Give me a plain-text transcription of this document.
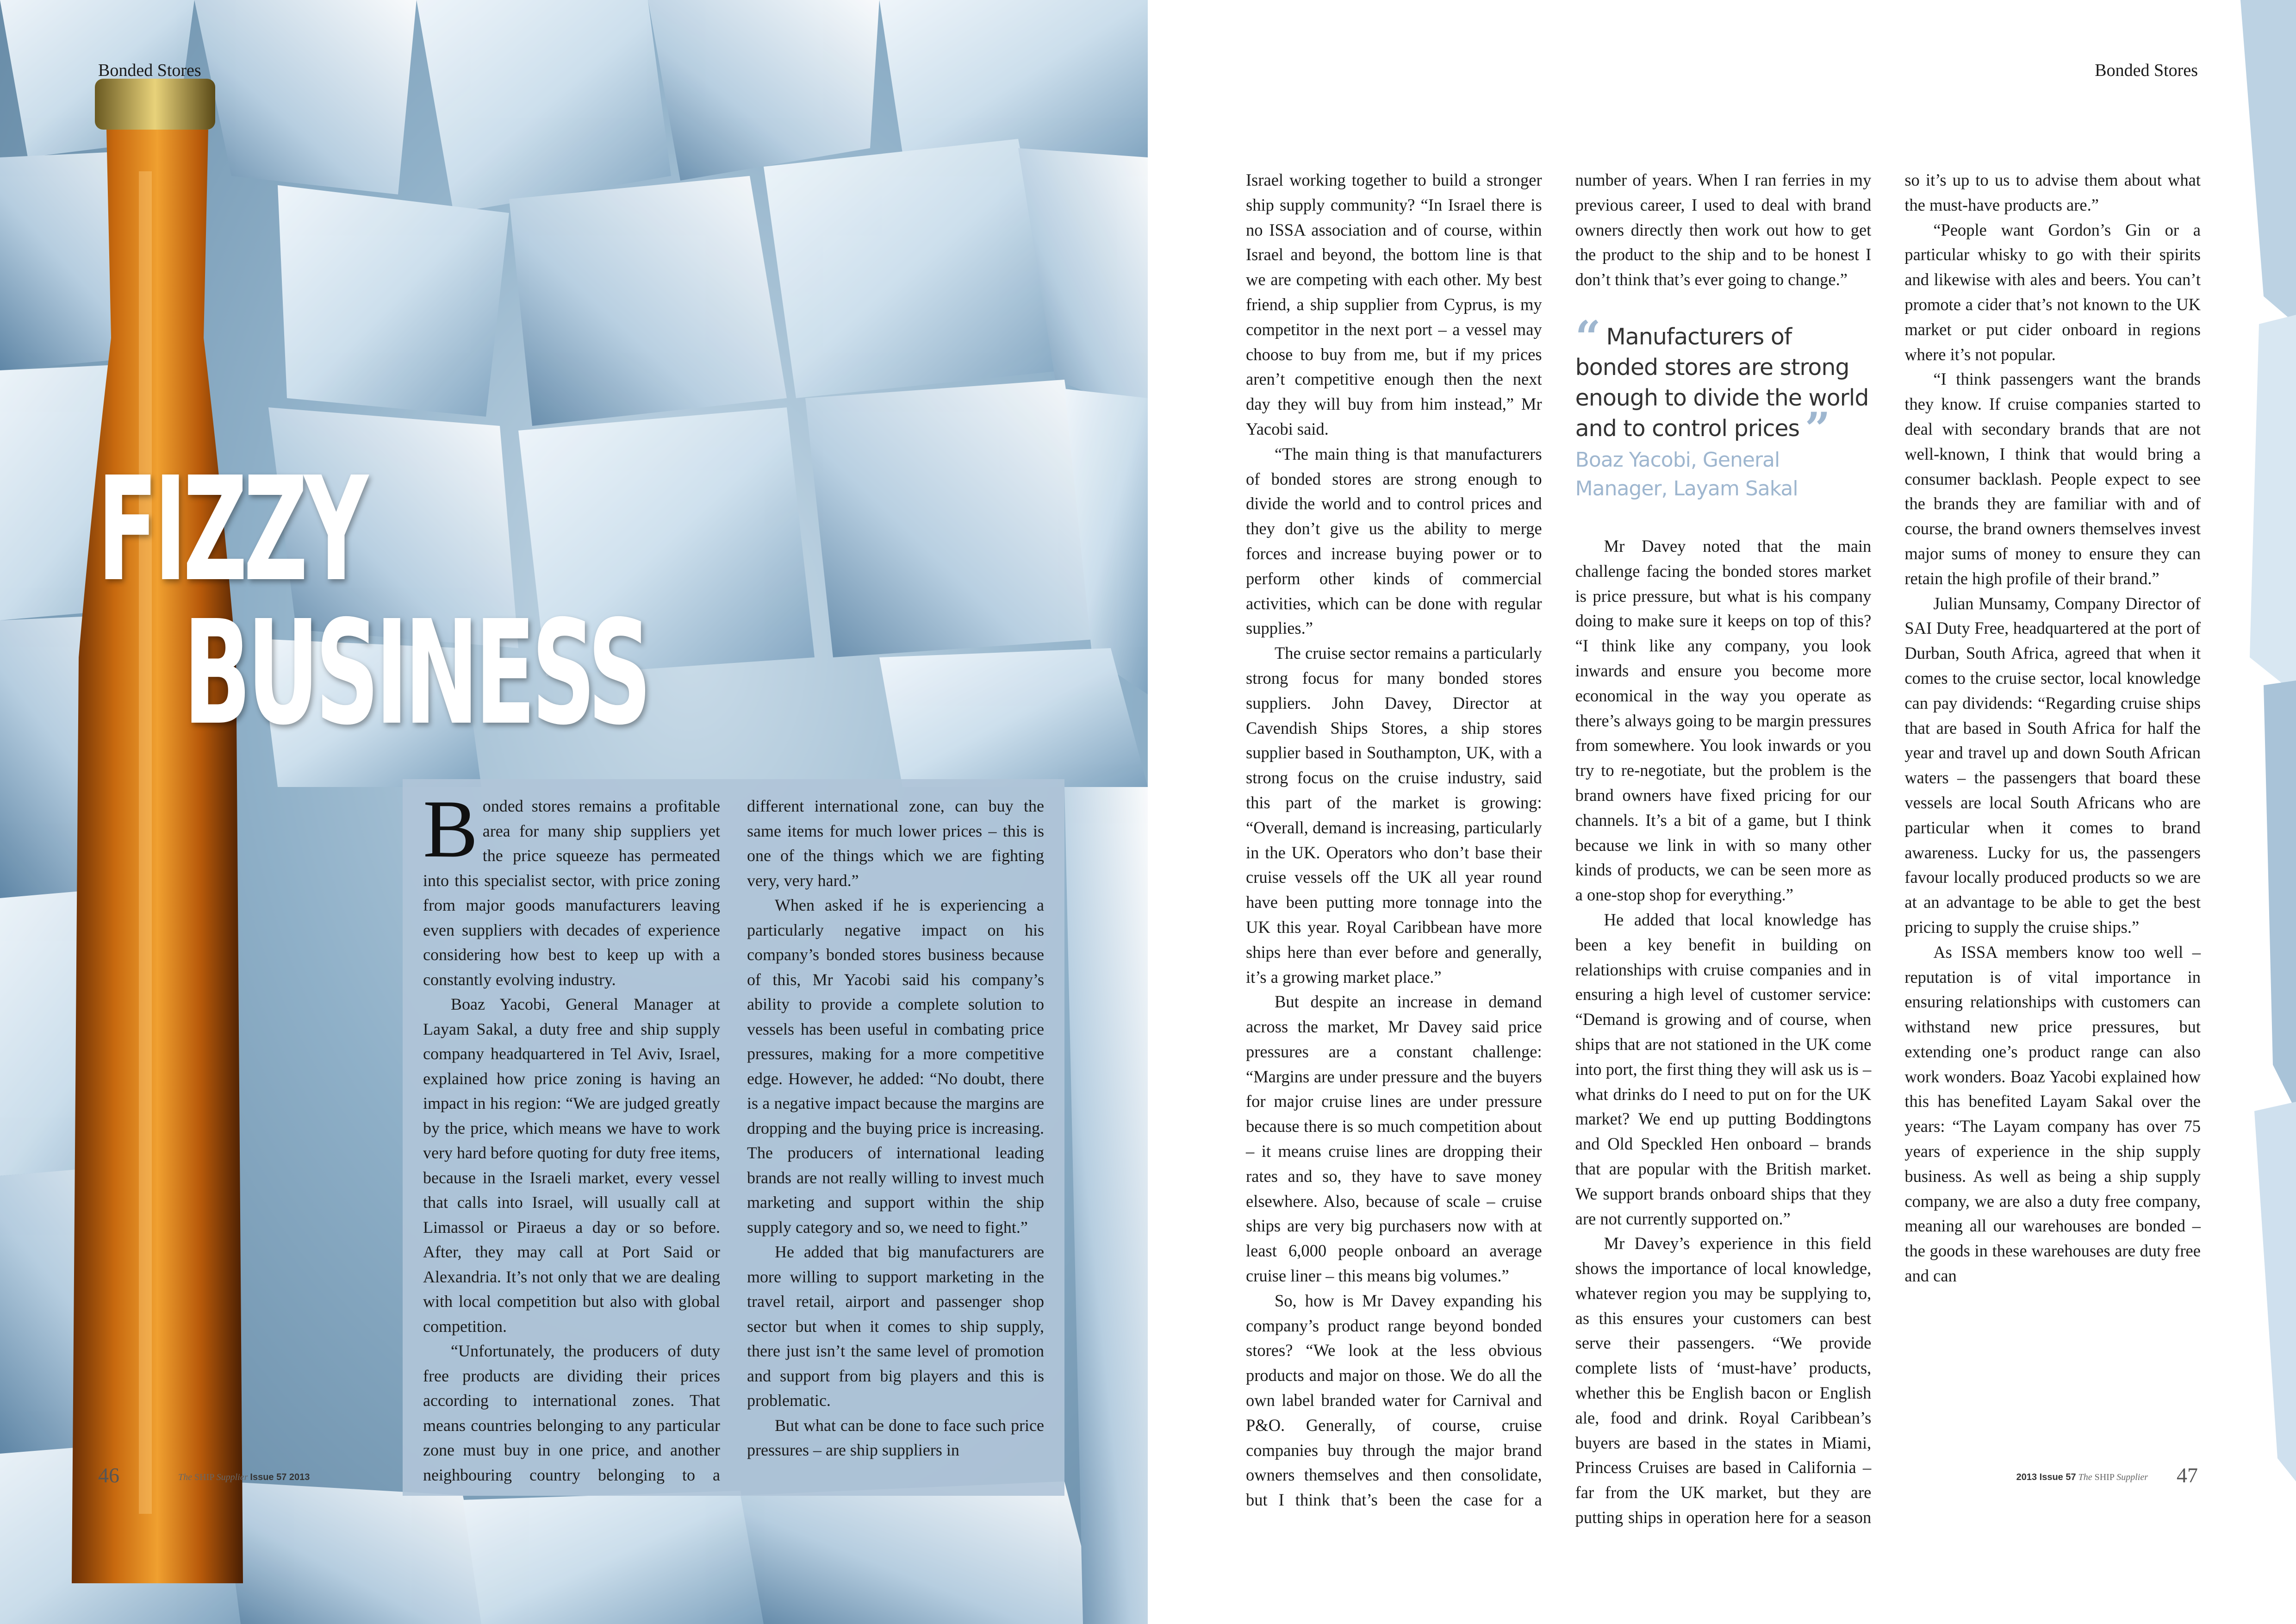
Bonded Stores
FIZZY
BUSINESS

Bonded stores remains a profitable area for many ship suppliers yet the price squeeze has permeated into this specialist sector, with price zoning from major goods manufacturers leaving even suppliers with decades of experience considering how best to keep up with a constantly evolving industry.

Boaz Yacobi, General Manager at Layam Sakal, a duty free and ship supply company headquartered in Tel Aviv, Israel, explained how price zoning is having an impact in his region: “We are judged greatly by the price, which means we have to work very hard before quoting for duty free items, because in the Israeli market, every vessel that calls into Israel, will usually call at Limassol or Piraeus a day or so before. After, they may call at Port Said or Alexandria. It’s not only that we are dealing with local competition but also with global competition.

“Unfortunately, the producers of duty free products are dividing their prices according to international zones. That means countries belonging to any particular zone must buy in one price, and another neighbouring country belonging to a different international zone, can buy the same items for much lower prices – this is one of the things which we are fighting very, very hard.”

When asked if he is experiencing a particularly negative impact on his company’s bonded stores business because of this, Mr Yacobi said his company’s ability to provide a complete solution to vessels has been useful in combating price pressures, making for a more competitive edge. However, he added: “No doubt, there is a negative impact because the margins are dropping and the buying price is increasing. The producers of international leading brands are not really willing to invest much marketing and support within the ship supply category and so, we need to fight.”

He added that big manufacturers are more willing to support marketing in the travel retail, airport and passenger shop sector but when it comes to ship supply, there just isn’t the same level of promotion and support from big players and this is problematic.

But what can be done to face such price pressures – are ship suppliers in

46	The SHIP Supplier Issue 57 2013
Bonded Stores

Israel working together to build a stronger ship supply community? “In Israel there is no ISSA association and of course, within Israel and beyond, the bottom line is that we are competing with each other. My best friend, a ship supplier from Cyprus, is my competitor in the next port – a vessel may choose to buy from me, but if my prices aren’t competitive enough then the next day they will buy from him instead,” Mr Yacobi said.

“The main thing is that manufacturers of bonded stores are strong enough to divide the world and to control prices and they don’t give us the ability to merge forces and increase buying power or to perform other kinds of commercial activities, which can be done with regular supplies.”

The cruise sector remains a particularly strong focus for many bonded stores suppliers. John Davey, Director at Cavendish Ships Stores, a ship stores supplier based in Southampton, UK, with a strong focus on the cruise industry, said this part of the market is growing: “Overall, demand is increasing, particularly in the UK. Operators who don’t base their cruise vessels off the UK all year round have been putting more tonnage into the UK this year. Royal Caribbean have more ships here than ever before and generally, it’s a growing market place.”

But despite an increase in demand across the market, Mr Davey said price pressures are a constant challenge: “Margins are under pressure and the buyers for major cruise lines are under pressure because there is so much competition about – it means cruise lines are dropping their rates and so, they have to save money elsewhere. Also, because of scale – cruise ships are very big purchasers now with at least 6,000 people onboard an average cruise liner – this means big volumes.”

So, how is Mr Davey expanding his company’s product range beyond bonded stores? “We look at the less obvious products and major on those. We do all the own label branded water for Carnival and P&O. Generally, of course, cruise companies buy through the major brand owners themselves and then consolidate, but I think that’s been the case for a number of years. When I ran ferries in my previous career, I used to deal with brand owners directly then work out how to get the product to the ship and to be honest I don’t think that’s ever going to change.”

“ Manufacturers of bonded stores are strong enough to divide the world and to control prices ”
Boaz Yacobi, General Manager, Layam Sakal

Mr Davey noted that the main challenge facing the bonded stores market is price pressure, but what is his company doing to make sure it keeps on top of this? “I think like any company, you look inwards and ensure you become more economical in the way you operate as there’s always going to be margin pressures from somewhere. You look inwards or you try to re-negotiate, but the problem is the brand owners have fixed pricing for our channels. It’s a bit of a game, but I think because we link in with so many other kinds of products, we can be seen more as a one-stop shop for everything.”

He added that local knowledge has been a key benefit in building on relationships with cruise companies and in ensuring a high level of customer service: “Demand is growing and of course, when ships that are not stationed in the UK come into port, the first thing they will ask us is – what drinks do I need to put on for the UK market? We end up putting Boddingtons and Old Speckled Hen onboard – brands that are popular with the British market. We support brands onboard ships that they are not currently supported on.”

Mr Davey’s experience in this field shows the importance of local knowledge, whatever region you may be supplying to, as this ensures your customers can best serve their passengers. “We provide complete lists of ‘must-have’ products, whether this be English bacon or English ale, food and drink. Royal Caribbean’s buyers are based in the states in Miami, Princess Cruises are based in California – far from the UK market, but they are putting ships in operation here for a season so it’s up to us to advise them about what the must-have products are.”

“People want Gordon’s Gin or a particular whisky to go with their spirits and likewise with ales and beers. You can’t promote a cider that’s not known to the UK market or put cider onboard in regions where it’s not popular.

“I think passengers want the brands they know. If cruise companies started to deal with secondary brands that are not well-known, I think that would bring a consumer backlash. People expect to see the brands they are familiar with and of course, the brand owners themselves invest major sums of money to ensure they can retain the high profile of their brand.”

Julian Munsamy, Company Director of SAI Duty Free, headquartered at the port of Durban, South Africa, agreed that when it comes to the cruise sector, local knowledge can pay dividends: “Regarding cruise ships that are based in South Africa for half the year and travel up and down South African waters – the passengers that board these vessels are local South Africans who are particular when it comes to brand awareness. Lucky for us, the passengers favour locally produced products so we are at an advantage to be able to get the best pricing to supply the cruise ships.”

As ISSA members know too well – reputation is of vital importance in ensuring relationships with customers can withstand new price pressures, but extending one’s product range can also work wonders. Boaz Yacobi explained how this has benefited Layam Sakal over the years: “The Layam company has over 75 years of experience in the ship supply business. As well as being a ship supply company, we are also a duty free company, meaning all our warehouses are bonded – the goods in these warehouses are duty free and can

2013 Issue 57 The SHIP Supplier 47
